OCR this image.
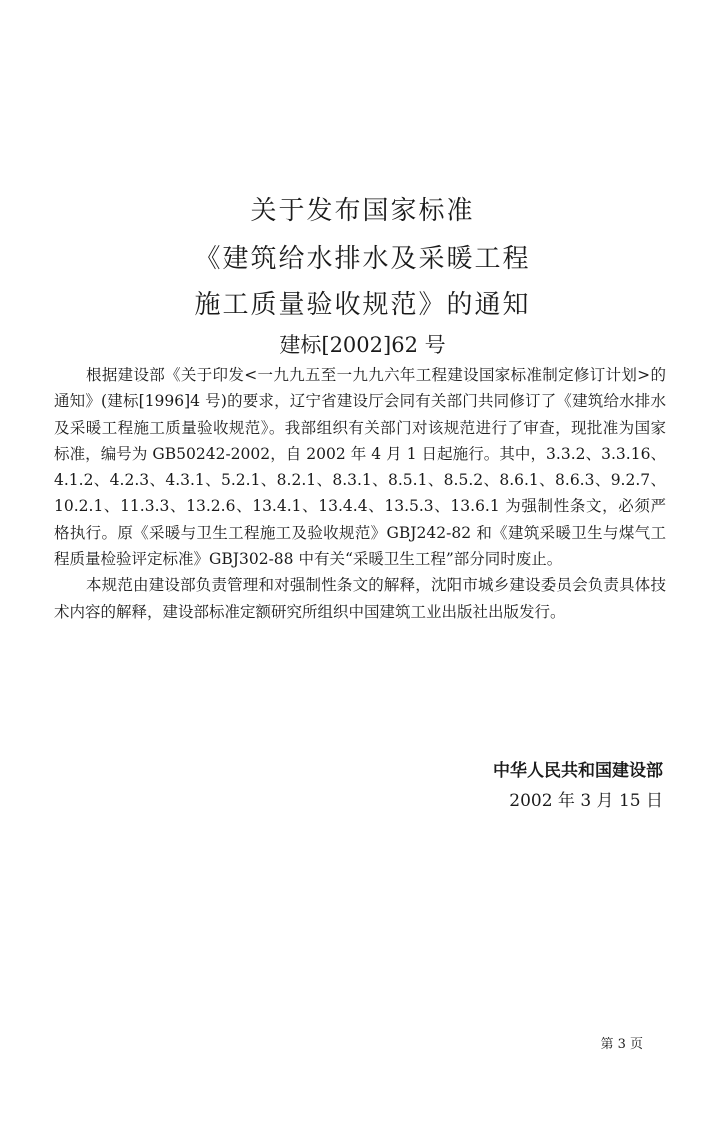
关于发布国家标准
《建筑给水排水及采暖工程
施工质量验收规范》的通知
建标[2002]62 号

根据建设部《关于印发<一九九五至一九九六年工程建设国家标准制定修订计划>的通知》(建标[1996]4 号)的要求，辽宁省建设厅会同有关部门共同修订了《建筑给水排水及采暖工程施工质量验收规范》。我部组织有关部门对该规范进行了审查，现批准为国家标准，编号为 GB50242-2002，自 2002 年 4 月 1 日起施行。其中，3.3.2、3.3.16、4.1.2、4.2.3、4.3.1、5.2.1、8.2.1、8.3.1、8.5.1、8.5.2、8.6.1、8.6.3、9.2.7、10.2.1、11.3.3、13.2.6、13.4.1、13.4.4、13.5.3、13.6.1 为强制性条文，必须严格执行。原《采暖与卫生工程施工及验收规范》GBJ242-82 和《建筑采暖卫生与煤气工程质量检验评定标准》GBJ302-88 中有关“采暖卫生工程”部分同时废止。

本规范由建设部负责管理和对强制性条文的解释，沈阳市城乡建设委员会负责具体技术内容的解释，建设部标准定额研究所组织中国建筑工业出版社出版发行。

中华人民共和国建设部
2002 年 3 月 15 日
第 3 页
